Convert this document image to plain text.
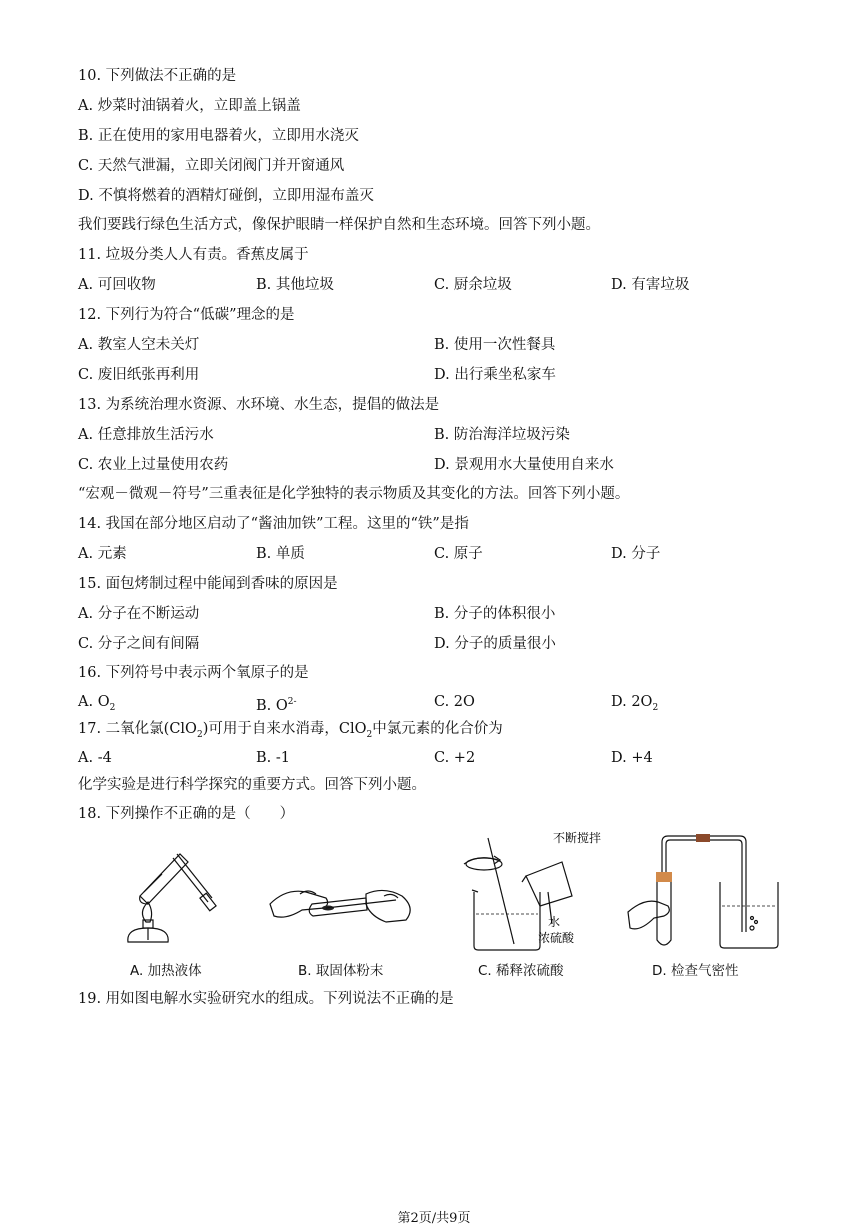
10. 下列做法不正确的是
A. 炒菜时油锅着火，立即盖上锅盖
B. 正在使用的家用电器着火，立即用水浇灭
C. 天然气泄漏，立即关闭阀门并开窗通风
D. 不慎将燃着的酒精灯碰倒，立即用湿布盖灭
我们要践行绿色生活方式，像保护眼睛一样保护自然和生态环境。回答下列小题。
11. 垃圾分类人人有责。香蕉皮属于
A. 可回收物	B. 其他垃圾	C. 厨余垃圾	D. 有害垃圾
12. 下列行为符合“低碳”理念的是
A. 教室人空未关灯	B. 使用一次性餐具
C. 废旧纸张再利用	D. 出行乘坐私家车
13. 为系统治理水资源、水环境、水生态，提倡的做法是
A. 任意排放生活污水	B. 防治海洋垃圾污染
C. 农业上过量使用农药	D. 景观用水大量使用自来水
“宏观－微观－符号”三重表征是化学独特的表示物质及其变化的方法。回答下列小题。
14. 我国在部分地区启动了“酱油加铁”工程。这里的“铁”是指
A. 元素	B. 单质	C. 原子	D. 分子
15. 面包烤制过程中能闻到香味的原因是
A. 分子在不断运动	B. 分子的体积很小
C. 分子之间有间隔	D. 分子的质量很小
16. 下列符号中表示两个氧原子的是
A. $O_2$	B. $O^{2-}$	C. 2O	D. $2O_2$
17. 二氧化氯(ClO$_2$)可用于自来水消毒，ClO$_2$中氯元素的化合价为
A. -4	B. -1	C. +2	D. +4
化学实验是进行科学探究的重要方式。回答下列小题。
18. 下列操作不正确的是（　　）
不断搅拌
水
浓硫酸
A. 加热液体	B. 取固体粉末	C. 稀释浓硫酸	D. 检查气密性
19. 用如图电解水实验研究水的组成。下列说法不正确的是
第2页/共9页
